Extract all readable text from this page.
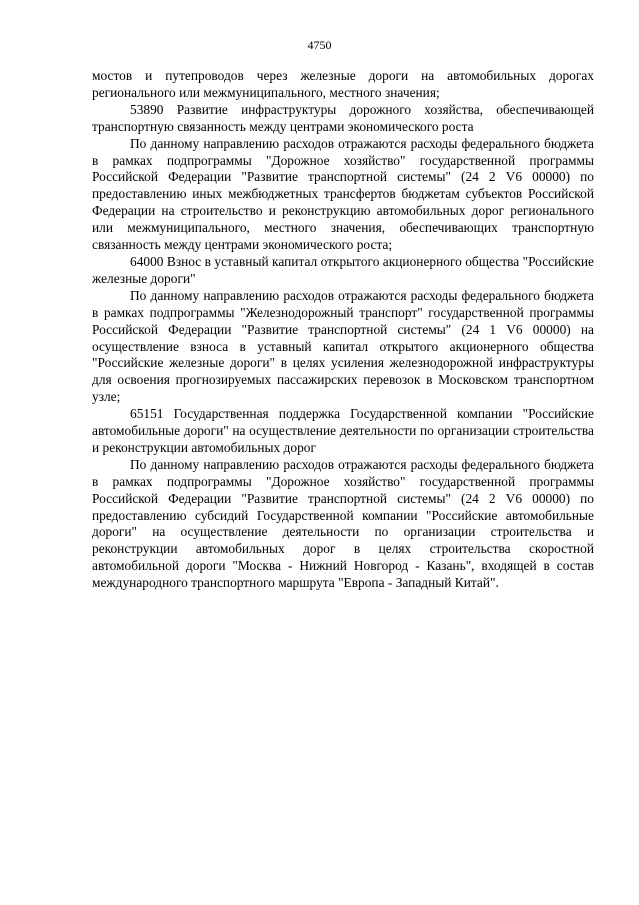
4750

мостов и путепроводов через железные дороги на автомобильных дорогах регионального или межмуниципального, местного значения;

53890 Развитие инфраструктуры дорожного хозяйства, обеспечивающей транспортную связанность между центрами экономического роста

По данному направлению расходов отражаются расходы федерального бюджета в рамках подпрограммы "Дорожное хозяйство" государственной программы Российской Федерации "Развитие транспортной системы" (24 2 V6 00000) по предоставлению иных межбюджетных трансфертов бюджетам субъектов Российской Федерации на строительство и реконструкцию автомобильных дорог регионального или межмуниципального, местного значения, обеспечивающих транспортную связанность между центрами экономического роста;

64000 Взнос в уставный капитал открытого акционерного общества "Российские железные дороги"

По данному направлению расходов отражаются расходы федерального бюджета в рамках подпрограммы "Железнодорожный транспорт" государственной программы Российской Федерации "Развитие транспортной системы" (24 1 V6 00000) на осуществление взноса в уставный капитал открытого акционерного общества "Российские железные дороги" в целях усиления железнодорожной инфраструктуры для освоения прогнозируемых пассажирских перевозок в Московском транспортном узле;

65151 Государственная поддержка Государственной компании "Российские автомобильные дороги" на осуществление деятельности по организации строительства и реконструкции автомобильных дорог

По данному направлению расходов отражаются расходы федерального бюджета в рамках подпрограммы "Дорожное хозяйство" государственной программы Российской Федерации "Развитие транспортной системы" (24 2 V6 00000) по предоставлению субсидий Государственной компании "Российские автомобильные дороги" на осуществление деятельности по организации строительства и реконструкции автомобильных дорог в целях строительства скоростной автомобильной дороги "Москва - Нижний Новгород - Казань", входящей в состав международного транспортного маршрута "Европа - Западный Китай".
